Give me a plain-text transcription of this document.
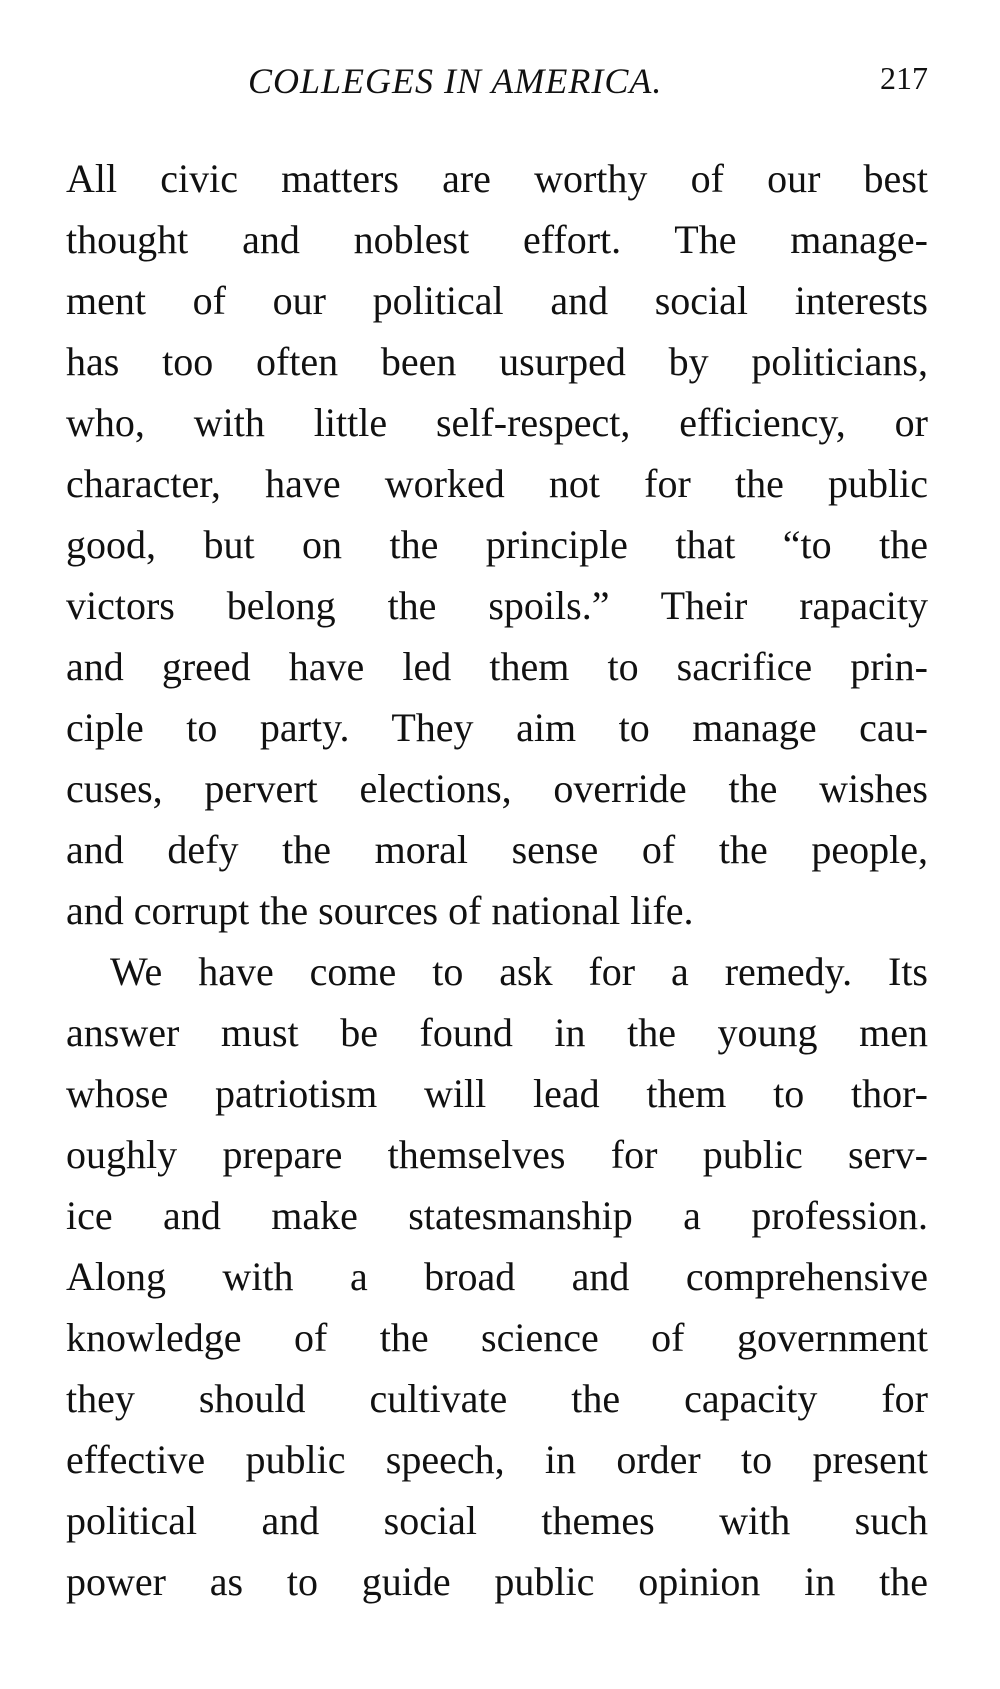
COLLEGES IN AMERICA.	217
All civic matters are worthy of our best
thought and noblest effort. The manage-
ment of our political and social interests
has too often been usurped by politicians,
who, with little self-respect, efficiency, or
character, have worked not for the public
good, but on the principle that “to the
victors belong the spoils.” Their rapacity
and greed have led them to sacrifice prin-
ciple to party. They aim to manage cau-
cuses, pervert elections, override the wishes
and defy the moral sense of the people,
and corrupt the sources of national life.
We have come to ask for a remedy. Its
answer must be found in the young men
whose patriotism will lead them to thor-
oughly prepare themselves for public serv-
ice and make statesmanship a profession.
Along with a broad and comprehensive
knowledge of the science of government
they should cultivate the capacity for
effective public speech, in order to present
political and social themes with such
power as to guide public opinion in the
